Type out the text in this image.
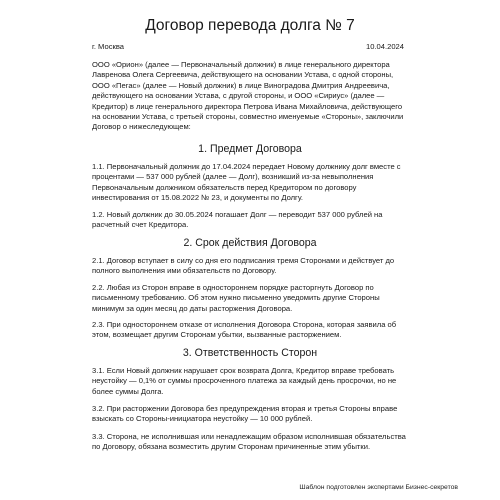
Договор перевода долга № 7
г. Москва	10.04.2024
ООО «Орион» (далее — Первоначальный должник) в лице генерального директора Лавренова Олега Сергеевича, действующего на основании Устава, с одной стороны, ООО «Пегас» (далее — Новый должник) в лице Виноградова Дмитрия Андреевича, действующего на основании Устава, с другой стороны, и ООО «Сириус» (далее — Кредитор) в лице генерального директора Петрова Ивана Михайловича, действующего на основании Устава, с третьей стороны, совместно именуемые «Стороны», заключили Договор о нижеследующем:
1. Предмет Договора
1.1. Первоначальный должник до 17.04.2024 передает Новому должнику долг вместе с процентами — 537 000 рублей (далее — Долг), возникший из-за невыполнения Первоначальным должником обязательств перед Кредитором по договору инвестирования от 15.08.2022 № 23, и документы по Долгу.
1.2. Новый должник до 30.05.2024 погашает Долг — переводит 537 000 рублей на расчетный счет Кредитора.
2. Срок действия Договора
2.1. Договор вступает в силу со дня его подписания тремя Сторонами и действует до полного выполнения ими обязательств по Договору.
2.2. Любая из Сторон вправе в одностороннем порядке расторгнуть Договор по письменному требованию. Об этом нужно письменно уведомить другие Стороны минимум за один месяц до даты расторжения Договора.
2.3. При одностороннем отказе от исполнения Договора Сторона, которая заявила об этом, возмещает другим Сторонам убытки, вызванные расторжением.
3. Ответственность Сторон
3.1. Если Новый должник нарушает срок возврата Долга, Кредитор вправе требовать неустойку — 0,1% от суммы просроченного платежа за каждый день просрочки, но не более суммы Долга.
3.2. При расторжении Договора без предупреждения вторая и третья Стороны вправе взыскать со Стороны-инициатора неустойку — 10 000 рублей.
3.3. Сторона, не исполнившая или ненадлежащим образом исполнившая обязательства по Договору, обязана возместить другим Сторонам причиненные этим убытки.
Шаблон подготовлен экспертами Бизнес-секретов
